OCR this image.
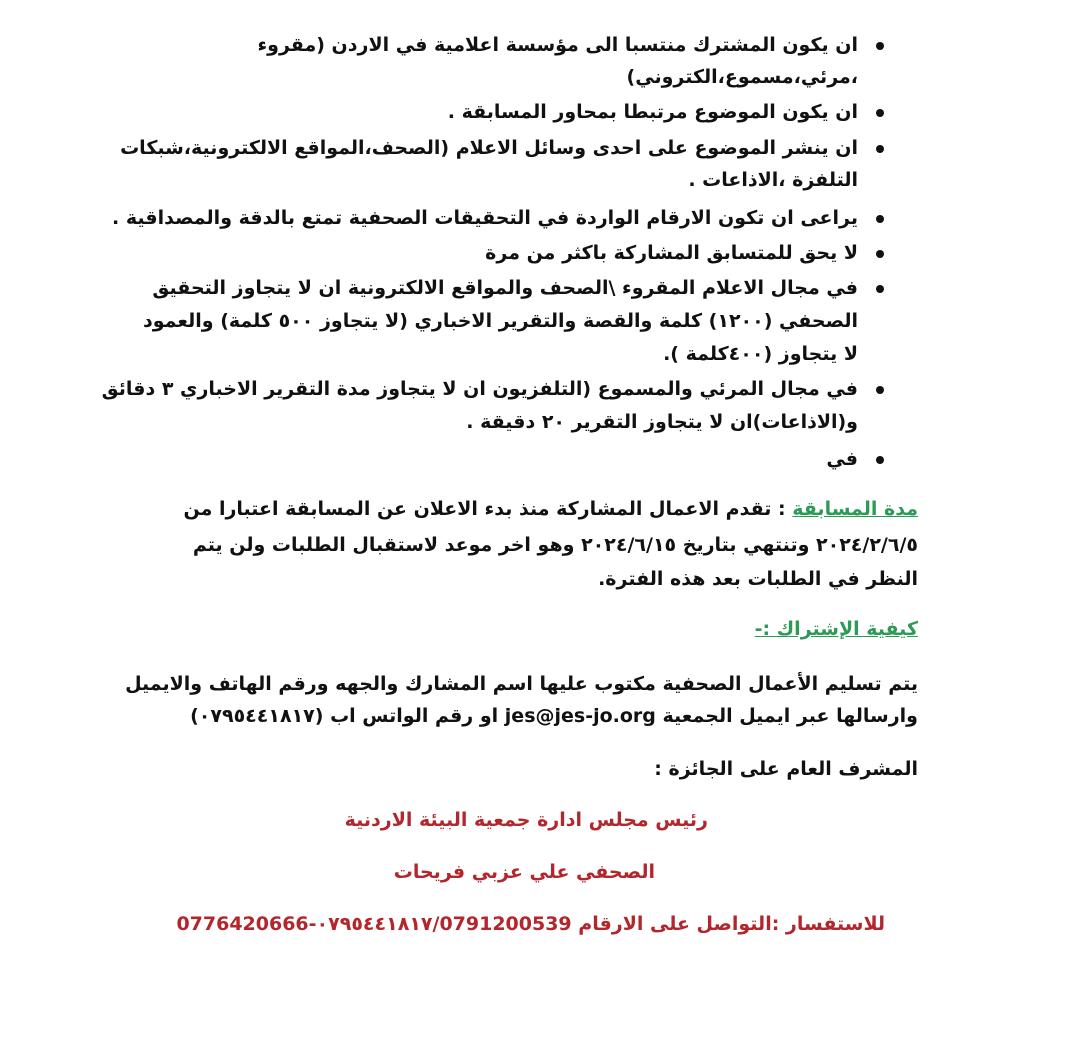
ان يكون المشترك منتسبا الى مؤسسة اعلامية في الاردن (مقروء
،مرئي،مسموع،الكتروني)
ان يكون الموضوع مرتبطا بمحاور المسابقة .
ان ينشر الموضوع على احدى وسائل الاعلام (الصحف،المواقع الالكترونية،شبكات
التلفزة ،الاذاعات .
يراعى ان تكون الارقام الواردة في التحقيقات الصحفية تمتع بالدقة والمصداقية .
لا يحق للمتسابق المشاركة باكثر من مرة
في مجال الاعلام المقروء \الصحف والمواقع الالكترونية ان لا يتجاوز التحقيق
الصحفي (١٢٠٠) كلمة والقصة والتقرير الاخباري (لا يتجاوز ٥٠٠ كلمة) والعمود
لا يتجاوز (٤٠٠كلمة ).
في مجال المرئي والمسموع (التلفزيون ان لا يتجاوز مدة التقرير الاخباري ٣ دقائق
و(الاذاعات)ان لا يتجاوز التقرير ٢٠ دقيقة .
في
مدة المسابقة : تقدم الاعمال المشاركة منذ بدء الاعلان عن المسابقة اعتبارا من
٢٠٢٤/٢/٦/٥ وتنتهي بتاريخ ٢٠٢٤/٦/١٥ وهو اخر موعد لاستقبال الطلبات ولن يتم
النظر في الطلبات بعد هذه الفترة.
كيفية الإشتراك :-
يتم تسليم الأعمال الصحفية مكتوب عليها اسم المشارك والجهه ورقم الهاتف والايميل
وارسالها عبر ايميل الجمعية jes@jes-jo.org او رقم الواتس اب (٠٧٩٥٤٤١٨١٧)
المشرف العام على الجائزة :
رئيس مجلس ادارة جمعية البيئة الاردنية
الصحفي علي عزبي فريحات
للاستفسار :التواصل على الارقام ٠٧٩٥٤٤١٨١٧/0791200539-0776420666
